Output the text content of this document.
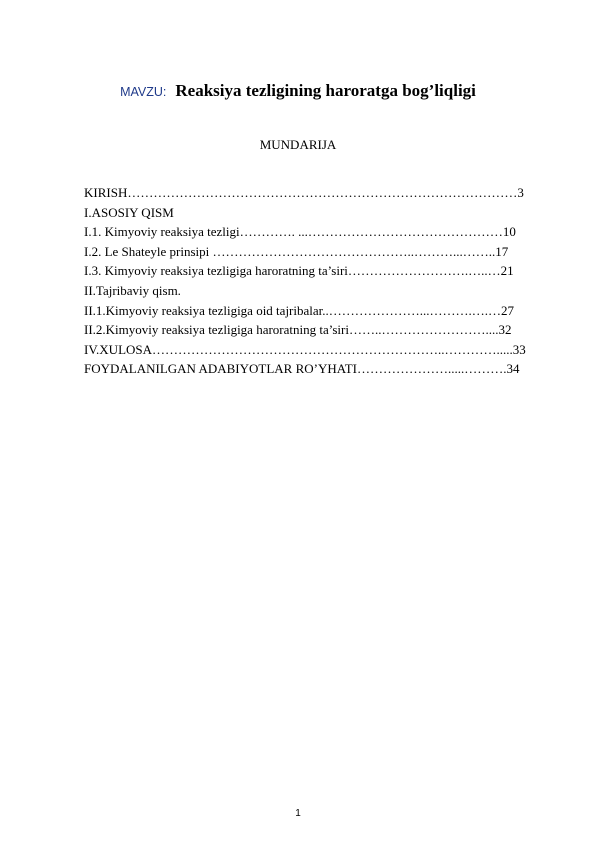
MAVZU: Reaksiya tezligining haroratga bog’liqligi
MUNDARIJA
KIRISH………………………………………………………………………………3
I.ASOSIY QISM
I.1. Kimyoviy reaksiya tezligi…………. ...………………………………………10
I.2. Le Shateyle prinsipi ………………………………………..………...……..17
I.3. Kimyoviy reaksiya tezligiga haroratning ta’siri……………………….…..…21
II.Tajribaviy qism.
II.1.Kimyoviy reaksiya tezligiga oid tajribalar..…………………...……….….…27
II.2.Kimyoviy reaksiya tezligiga haroratning ta’siri……..……………………....32
IV.XULOSA…………………………………………………………..………….....33
FOYDALANILGAN ADABIYOTLAR RO’YHATI………………….....……….34
1
